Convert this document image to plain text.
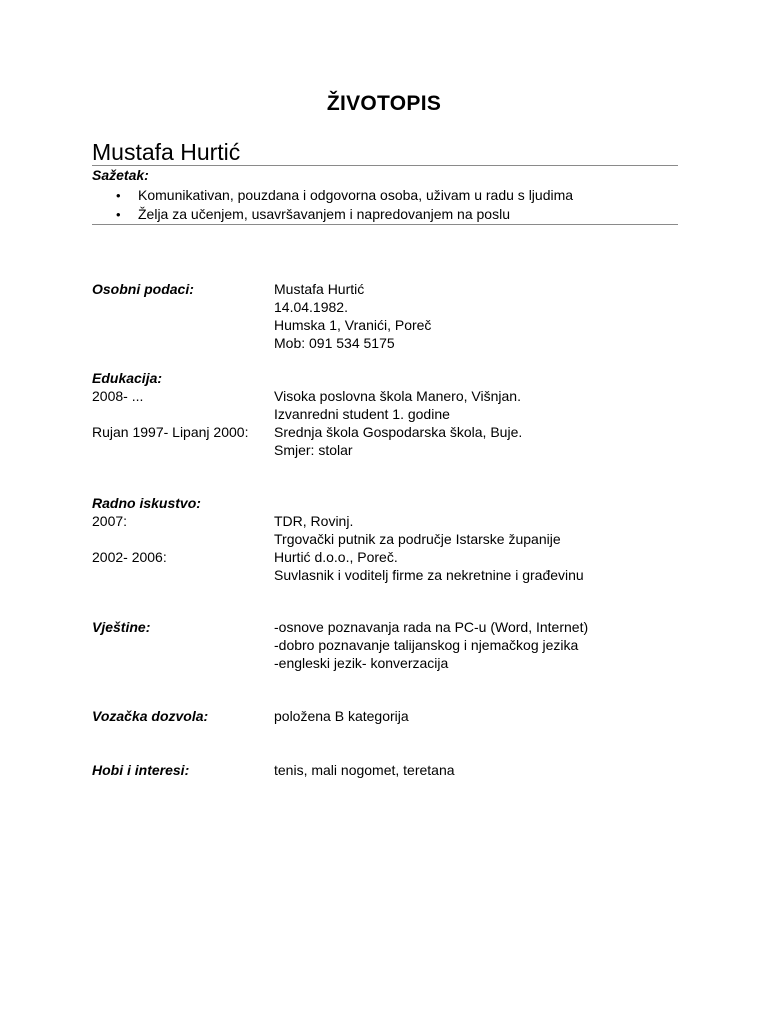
ŽIVOTOPIS
Mustafa Hurtić
Sažetak:
• Komunikativan, pouzdana i odgovorna osoba, uživam u radu s ljudima
• Želja za učenjem, usavršavanjem i napredovanjem na poslu
Osobni podaci:	Mustafa Hurtić
14.04.1982.
Humska 1, Vranići, Poreč
Mob: 091 534 5175
Edukacija:
2008- ...	Visoka poslovna škola Manero, Višnjan.
Izvanredni student 1. godine
Rujan 1997- Lipanj 2000:	Srednja škola Gospodarska škola, Buje.
Smjer: stolar
Radno iskustvo:
2007:	TDR, Rovinj.
Trgovački putnik za područje Istarske županije
2002- 2006:	Hurtić d.o.o., Poreč.
Suvlasnik i voditelj firme za nekretnine i građevinu
Vještine:	-osnove poznavanja rada na PC-u (Word, Internet)
-dobro poznavanje talijanskog i njemačkog jezika
-engleski jezik- konverzacija
Vozačka dozvola:	položena B kategorija
Hobi i interesi:	tenis, mali nogomet, teretana
